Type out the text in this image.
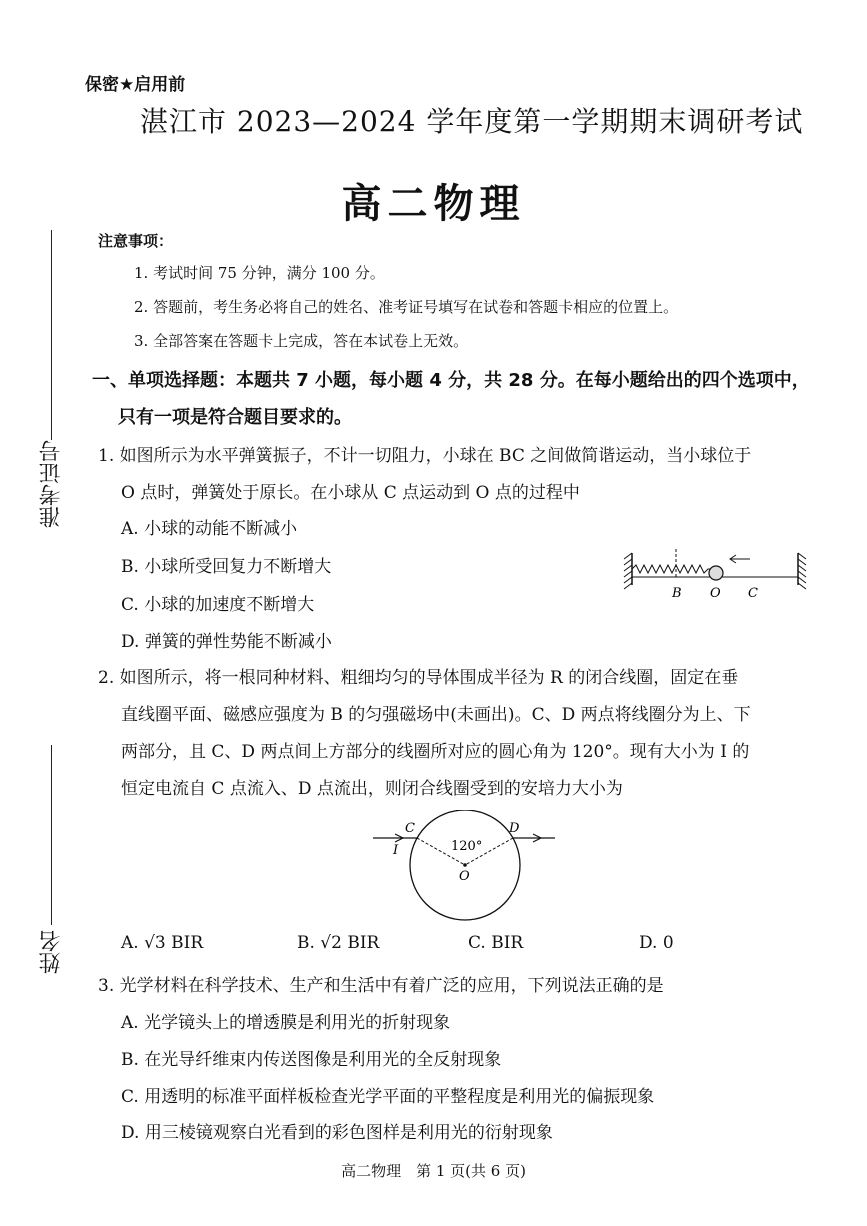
保密★启用前
湛江市 2023—2024 学年度第一学期期末调研考试
高二物理
注意事项：
1. 考试时间 75 分钟，满分 100 分。
2. 答题前，考生务必将自己的姓名、准考证号填写在试卷和答题卡相应的位置上。
3. 全部答案在答题卡上完成，答在本试卷上无效。
一、单项选择题：本题共 7 小题，每小题 4 分，共 28 分。在每小题给出的四个选项中，
只有一项是符合题目要求的。
1. 如图所示为水平弹簧振子，不计一切阻力，小球在 BC 之间做简谐运动，当小球位于
O 点时，弹簧处于原长。在小球从 C 点运动到 O 点的过程中
A. 小球的动能不断减小
B. 小球所受回复力不断增大
C. 小球的加速度不断增大
D. 弹簧的弹性势能不断减小
B O C
2. 如图所示，将一根同种材料、粗细均匀的导体围成半径为 R 的闭合线圈，固定在垂
直线圈平面、磁感应强度为 B 的匀强磁场中(未画出)。C、D 两点将线圈分为上、下
两部分，且 C、D 两点间上方部分的线圈所对应的圆心角为 120°。现有大小为 I 的
恒定电流自 C 点流入、D 点流出，则闭合线圈受到的安培力大小为
C	D
I	120°
O
A. √3 BIR	B. √2 BIR	C. BIR	D. 0
3. 光学材料在科学技术、生产和生活中有着广泛的应用，下列说法正确的是
A. 光学镜头上的增透膜是利用光的折射现象
B. 在光导纤维束内传送图像是利用光的全反射现象
C. 用透明的标准平面样板检查光学平面的平整程度是利用光的偏振现象
D. 用三棱镜观察白光看到的彩色图样是利用光的衍射现象
准考证号
姓名
高二物理　第 1 页(共 6 页)
